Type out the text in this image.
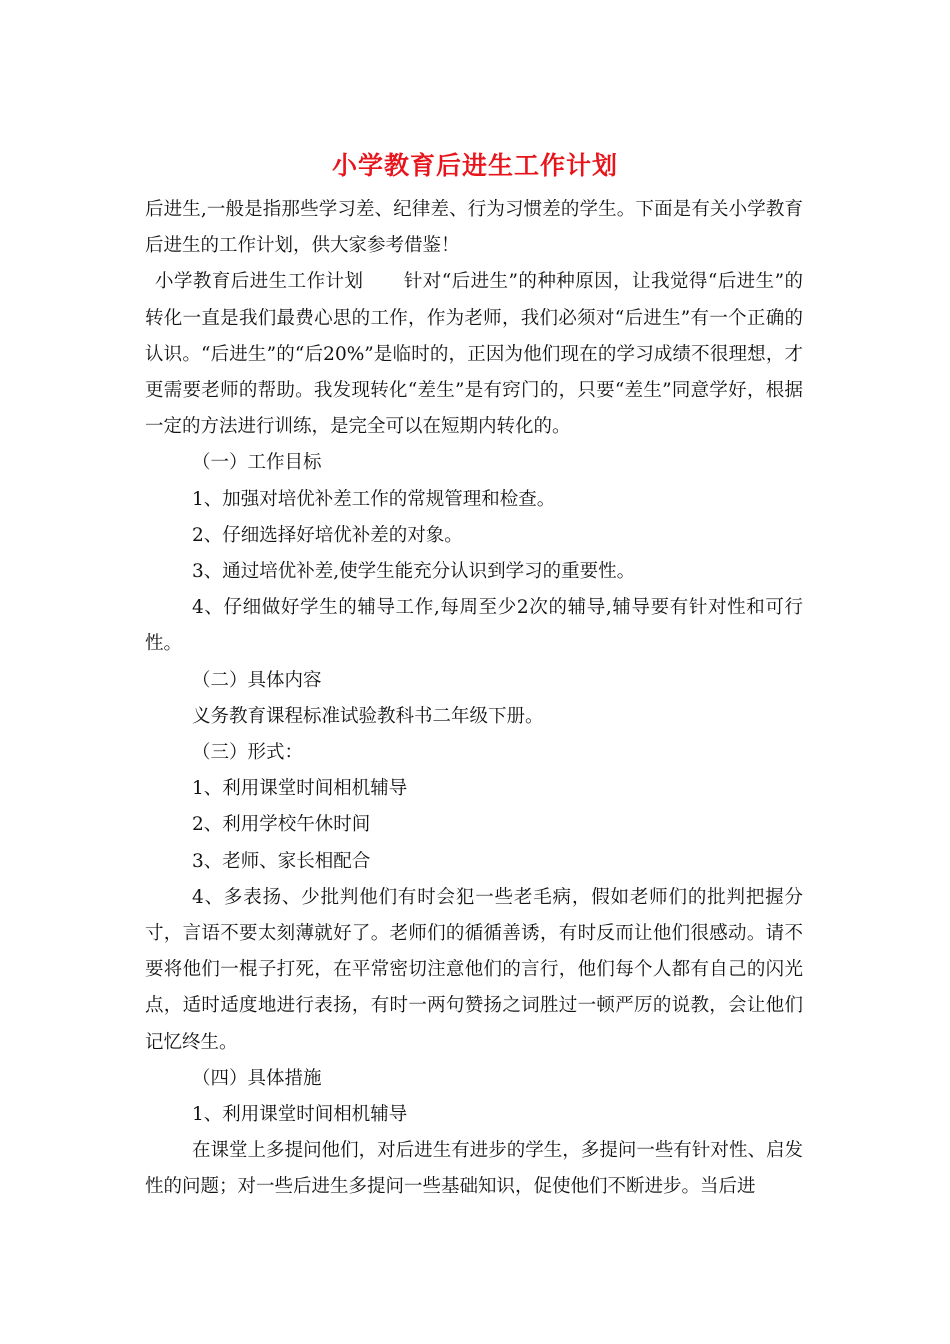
小学教育后进生工作计划

后进生,一般是指那些学习差、纪律差、行为习惯差的学生。下面是有关小学教育后进生的工作计划，供大家参考借鉴！

小学教育后进生工作计划 针对“后进生”的种种原因，让我觉得“后进生”的转化一直是我们最费心思的工作，作为老师，我们必须对“后进生”有一个正确的认识。“后进生”的“后20%”是临时的，正因为他们现在的学习成绩不很理想，才更需要老师的帮助。我发现转化“差生”是有窍门的，只要“差生”同意学好，根据一定的方法进行训练，是完全可以在短期内转化的。

（一）工作目标

1、加强对培优补差工作的常规管理和检查。

2、仔细选择好培优补差的对象。

3、通过培优补差,使学生能充分认识到学习的重要性。

4、仔细做好学生的辅导工作,每周至少2次的辅导,辅导要有针对性和可行性。

（二）具体内容

义务教育课程标准试验教科书二年级下册。

（三）形式：

1、利用课堂时间相机辅导

2、利用学校午休时间

3、老师、家长相配合

4、多表扬、少批判他们有时会犯一些老毛病，假如老师们的批判把握分寸，言语不要太刻薄就好了。老师们的循循善诱，有时反而让他们很感动。请不要将他们一棍子打死，在平常密切注意他们的言行，他们每个人都有自己的闪光点，适时适度地进行表扬，有时一两句赞扬之词胜过一顿严厉的说教，会让他们记忆终生。

（四）具体措施

1、利用课堂时间相机辅导

在课堂上多提问他们，对后进生有进步的学生，多提问一些有针对性、启发性的问题；对一些后进生多提问一些基础知识，促使他们不断进步。当后进
